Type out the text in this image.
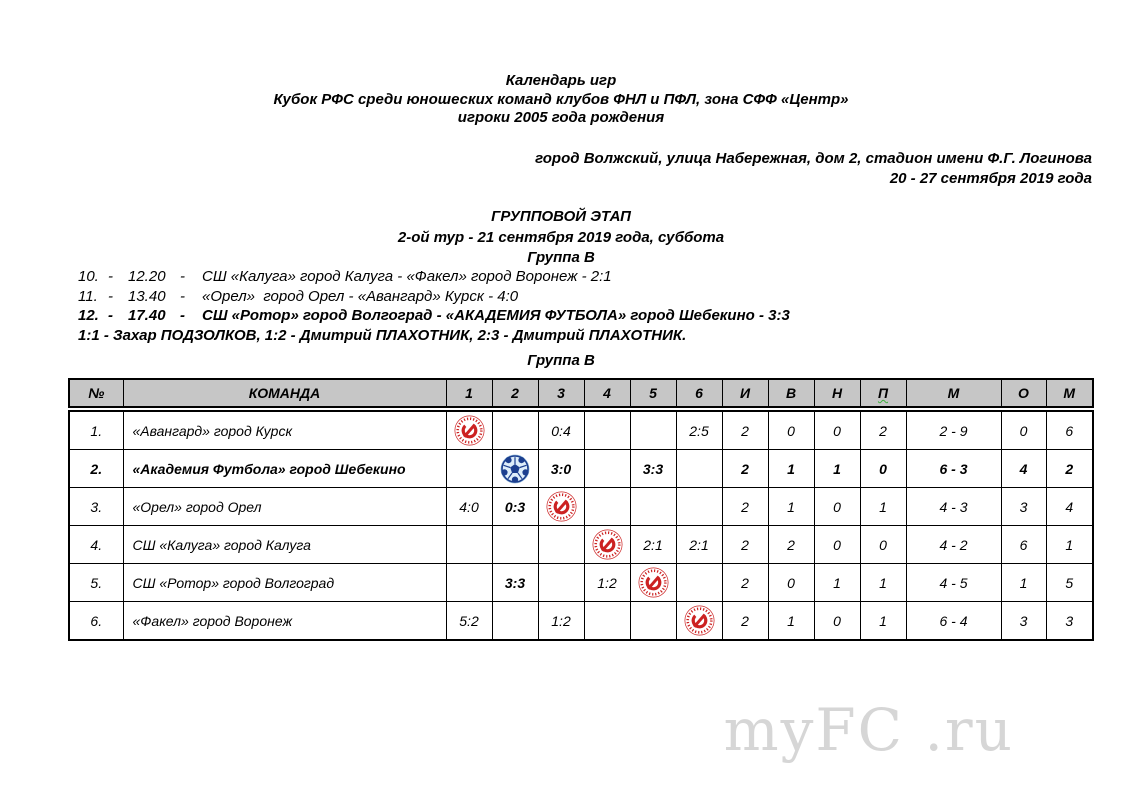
Календарь игр
Кубок РФС среди юношеских команд клубов ФНЛ и ПФЛ, зона СФФ «Центр»
игроки 2005 года рождения
город Волжский, улица Набережная, дом 2, стадион имени Ф.Г. Логинова
20 - 27 сентября 2019 года
ГРУППОВОЙ ЭТАП
2-ой тур - 21 сентября 2019 года, суббота
Группа В
10. -	12.20 -	СШ «Калуга» город Калуга - «Факел» город Воронеж - 2:1
11. -	13.40 -	«Орел»  город Орел - «Авангард» Курск - 4:0
12. -	17.40 -	СШ «Ротор» город Волгоград - «АКАДЕМИЯ ФУТБОЛА» город Шебекино - 3:3
1:1 - Захар ПОДЗОЛКОВ, 1:2 - Дмитрий ПЛАХОТНИК, 2:3 - Дмитрий ПЛАХОТНИК.
Группа В
№	КОМАНДА	1	2	3	4	5	6	И	В	Н	П	М	О	М
1.	«Авангард» город Курск			0:4			2:5	2	0	0	2	2 - 9	0	6
2.	«Академия Футбола» город Шебекино			3:0		3:3		2	1	1	0	6 - 3	4	2
3.	«Орел» город Орел	4:0	0:3					2	1	0	1	4 - 3	3	4
4.	СШ «Калуга» город Калуга					2:1	2:1	2	2	0	0	4 - 2	6	1
5.	СШ «Ротор» город Волгоград		3:3		1:2			2	0	1	1	4 - 5	1	5
6.	«Факел» город Воронеж	5:2		1:2				2	1	0	1	6 - 4	3	3
myFC .ru
